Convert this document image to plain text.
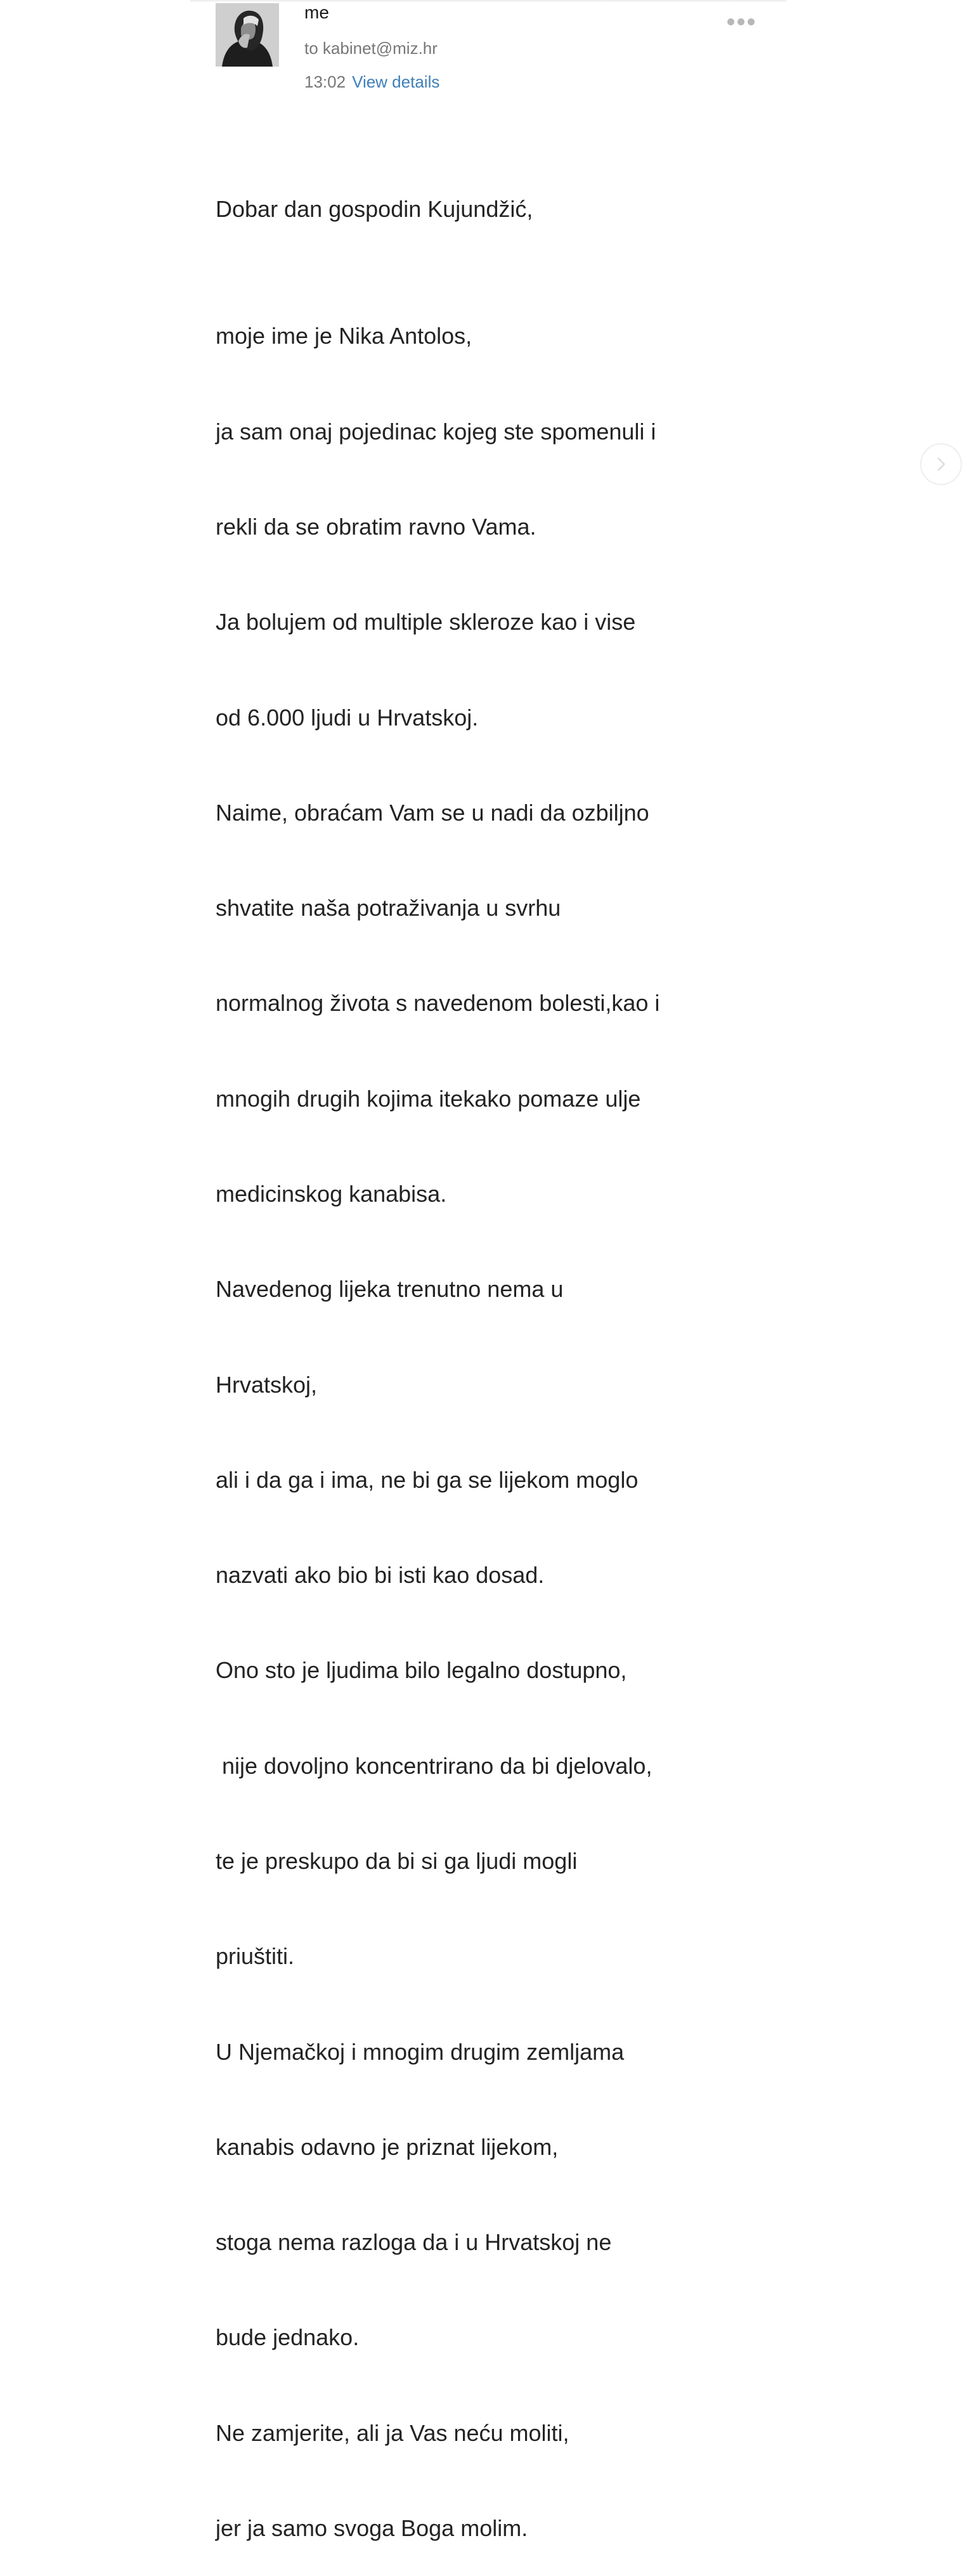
me
to kabinet@miz.hr
13:02 View details

Dobar dan gospodin Kujundžić,

moje ime je Nika Antolos,

ja sam onaj pojedinac kojeg ste spomenuli i

rekli da se obratim ravno Vama.

Ja bolujem od multiple skleroze kao i vise

od 6.000 ljudi u Hrvatskoj.

Naime, obraćam Vam se u nadi da ozbiljno

shvatite naša potraživanja u svrhu

normalnog života s navedenom bolesti,kao i

mnogih drugih kojima itekako pomaze ulje

medicinskog kanabisa.

Navedenog lijeka trenutno nema u

Hrvatskoj,

ali i da ga i ima, ne bi ga se lijekom moglo

nazvati ako bio bi isti kao dosad.

Ono sto je ljudima bilo legalno dostupno,

nije dovoljno koncentrirano da bi djelovalo,

te je preskupo da bi si ga ljudi mogli

priuštiti.

U Njemačkoj i mnogim drugim zemljama

kanabis odavno je priznat lijekom,

stoga nema razloga da i u Hrvatskoj ne

bude jednako.

Ne zamjerite, ali ja Vas neću moliti,

jer ja samo svoga Boga molim.
